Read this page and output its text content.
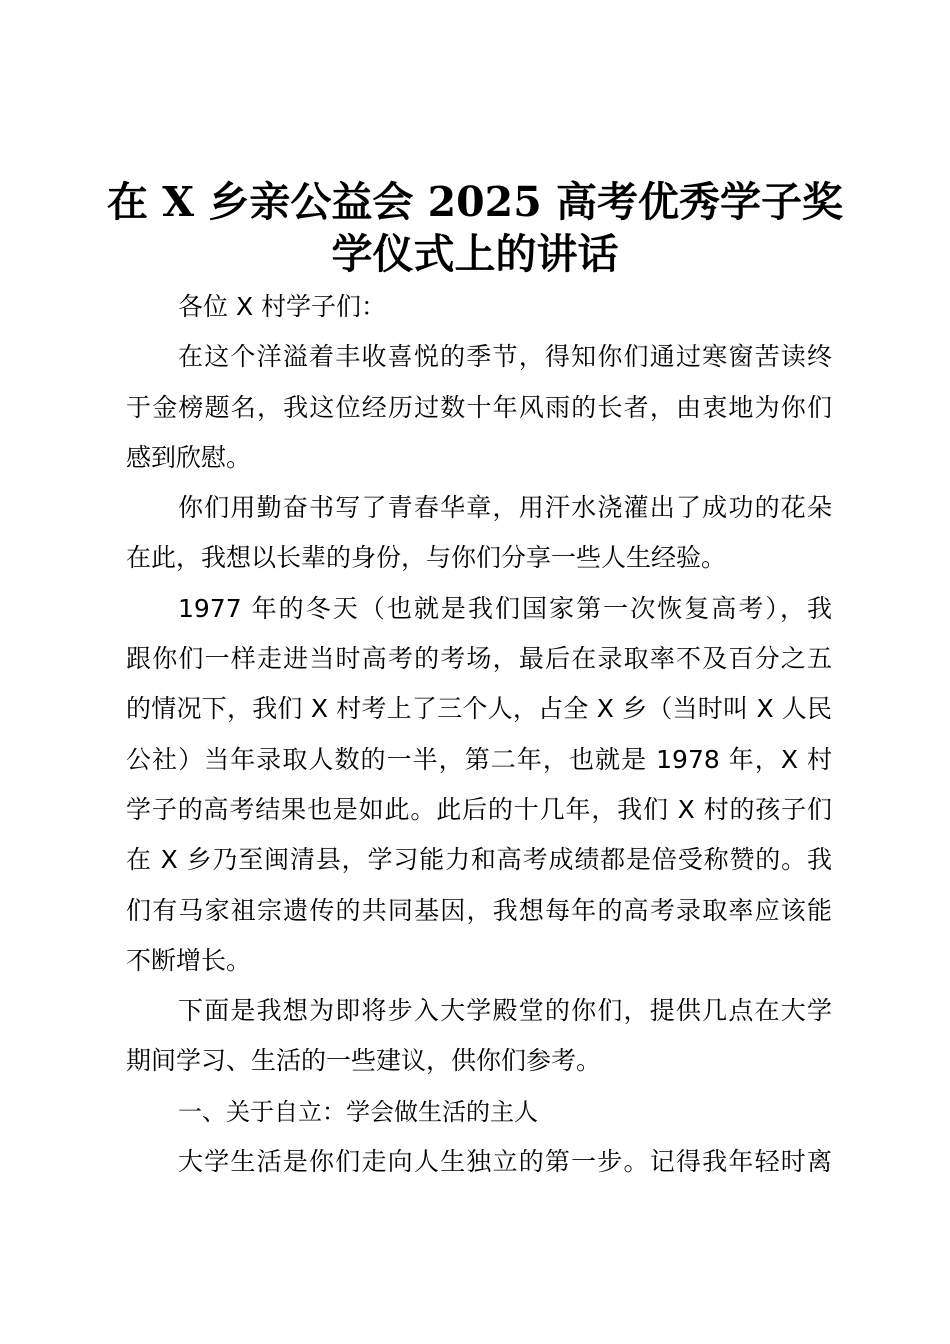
在 X 乡亲公益会 2025 高考优秀学子奖
学仪式上的讲话

各位 X 村学子们：

在这个洋溢着丰收喜悦的季节，得知你们通过寒窗苦读终
于金榜题名，我这位经历过数十年风雨的长者，由衷地为你们
感到欣慰。

你们用勤奋书写了青春华章，用汗水浇灌出了成功的花朵
在此，我想以长辈的身份，与你们分享一些人生经验。

1977 年的冬天（也就是我们国家第一次恢复高考），我
跟你们一样走进当时高考的考场，最后在录取率不及百分之五
的情况下，我们 X 村考上了三个人，占全 X 乡（当时叫 X 人民
公社）当年录取人数的一半，第二年，也就是 1978 年，X 村
学子的高考结果也是如此。此后的十几年，我们 X 村的孩子们
在 X 乡乃至闽清县，学习能力和高考成绩都是倍受称赞的。我
们有马家祖宗遗传的共同基因，我想每年的高考录取率应该能
不断增长。

下面是我想为即将步入大学殿堂的你们，提供几点在大学
期间学习、生活的一些建议，供你们参考。

一、关于自立：学会做生活的主人

大学生活是你们走向人生独立的第一步。记得我年轻时离
